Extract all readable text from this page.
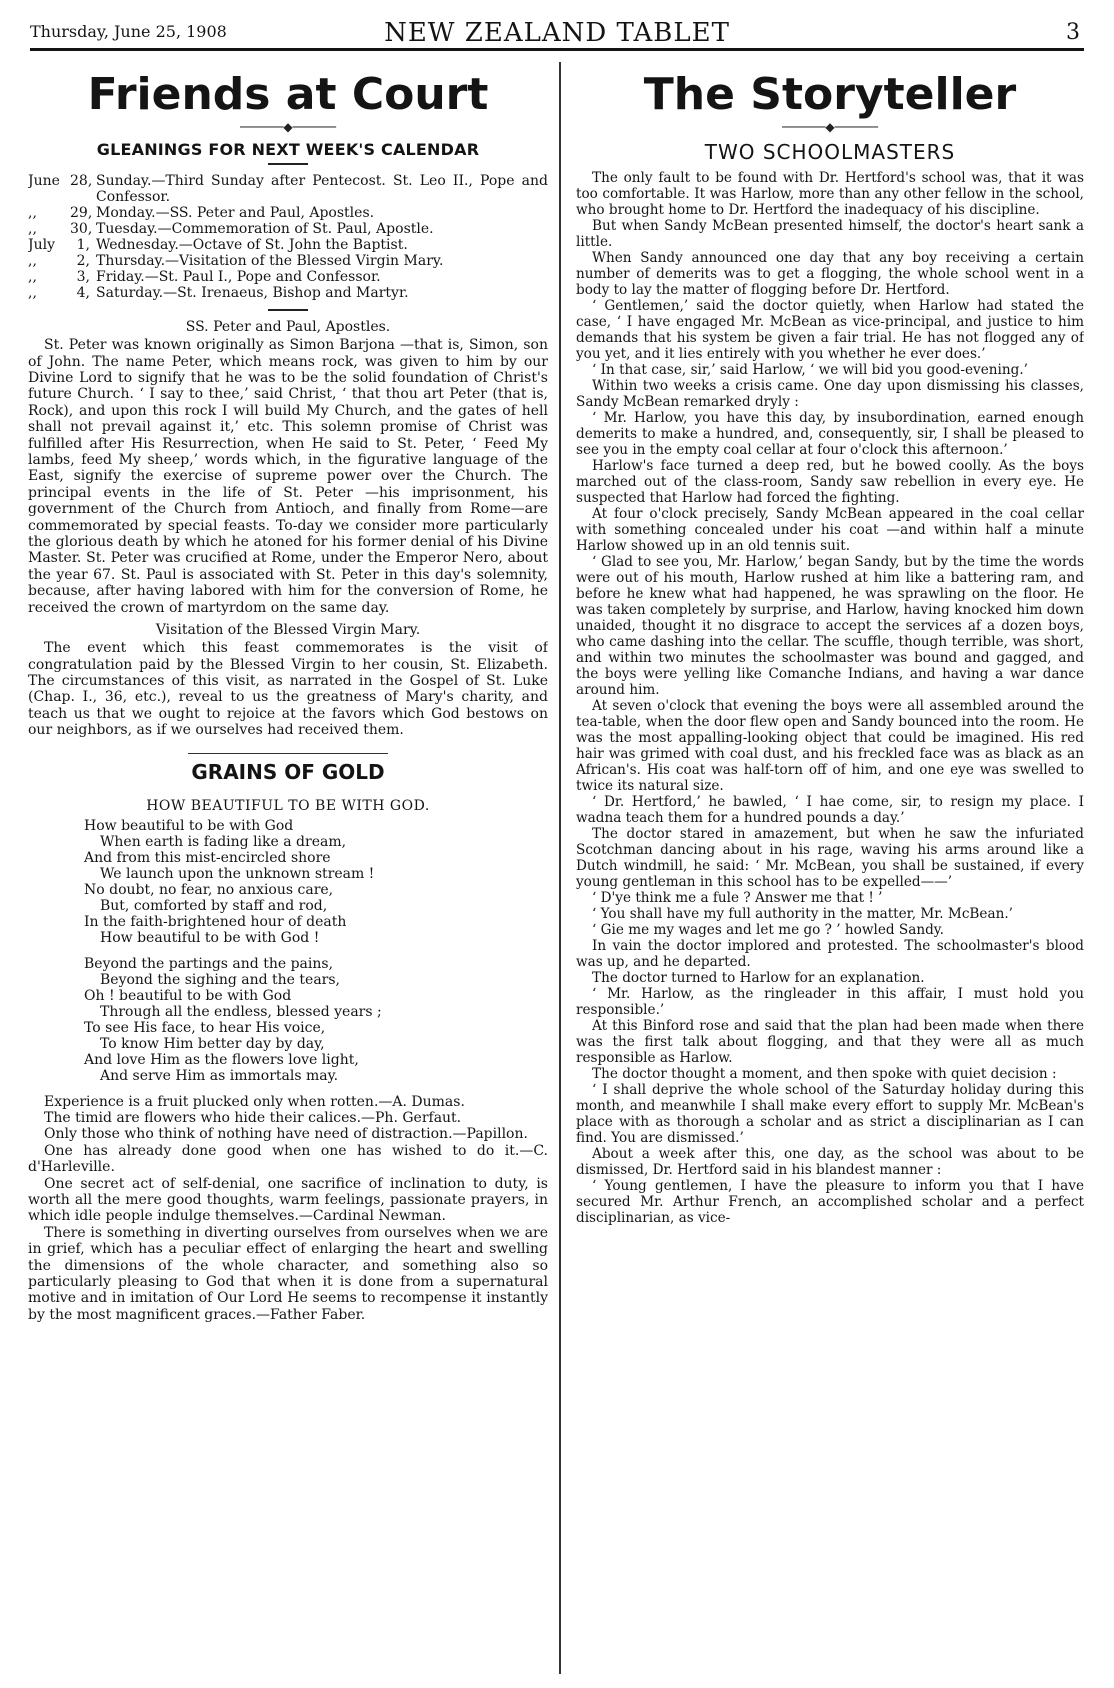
Thursday, June 25, 1908	NEW ZEALAND TABLET	3
Friends at Court
──────◆──────
GLEANINGS FOR NEXT WEEK'S CALENDAR
June 28, Sunday.—Third Sunday after Pentecost. St. Leo II., Pope and Confessor.
,,	29, Monday.—SS. Peter and Paul, Apostles.
,,	30, Tuesday.—Commemoration of St. Paul, Apostle.
July	1, Wednesday.—Octave of St. John the Baptist.
,,	2, Thursday.—Visitation of the Blessed Virgin Mary.
,,	3, Friday.—St. Paul I., Pope and Confessor.
,,	4, Saturday.—St. Irenaeus, Bishop and Martyr.
SS. Peter and Paul, Apostles.

St. Peter was known originally as Simon Barjona —that is, Simon, son of John. The name Peter, which means rock, was given to him by our Divine Lord to signify that he was to be the solid foundation of Christ's future Church. ‘ I say to thee,’ said Christ, ‘ that thou art Peter (that is, Rock), and upon this rock I will build My Church, and the gates of hell shall not prevail against it,’ etc. This solemn promise of Christ was fulfilled after His Resurrection, when He said to St. Peter, ‘ Feed My lambs, feed My sheep,’ words which, in the figurative language of the East, signify the exercise of supreme power over the Church. The principal events in the life of St. Peter —his imprisonment, his government of the Church from Antioch, and finally from Rome—are commemorated by special feasts. To-day we consider more particularly the glorious death by which he atoned for his former denial of his Divine Master. St. Peter was crucified at Rome, under the Emperor Nero, about the year 67. St. Paul is associated with St. Peter in this day's solemnity, because, after having labored with him for the conversion of Rome, he received the crown of martyrdom on the same day.

Visitation of the Blessed Virgin Mary.

The event which this feast commemorates is the visit of congratulation paid by the Blessed Virgin to her cousin, St. Elizabeth. The circumstances of this visit, as narrated in the Gospel of St. Luke (Chap. I., 36, etc.), reveal to us the greatness of Mary's charity, and teach us that we ought to rejoice at the favors which God bestows on our neighbors, as if we ourselves had received them.

GRAINS OF GOLD
HOW BEAUTIFUL TO BE WITH GOD.
How beautiful to be with God
When earth is fading like a dream,
And from this mist-encircled shore
We launch upon the unknown stream !
No doubt, no fear, no anxious care,
But, comforted by staff and rod,
In the faith-brightened hour of death
How beautiful to be with God !
Beyond the partings and the pains,
Beyond the sighing and the tears,
Oh ! beautiful to be with God
Through all the endless, blessed years ;
To see His face, to hear His voice,
To know Him better day by day,
And love Him as the flowers love light,
And serve Him as immortals may.

Experience is a fruit plucked only when rotten.—A. Dumas.

The timid are flowers who hide their calices.—Ph. Gerfaut.

Only those who think of nothing have need of distraction.—Papillon.

One has already done good when one has wished to do it.—C. d'Harleville.

One secret act of self-denial, one sacrifice of inclination to duty, is worth all the mere good thoughts, warm feelings, passionate prayers, in which idle people indulge themselves.—Cardinal Newman.

There is something in diverting ourselves from ourselves when we are in grief, which has a peculiar effect of enlarging the heart and swelling the dimensions of the whole character, and something also so particularly pleasing to God that when it is done from a supernatural motive and in imitation of Our Lord He seems to recompense it instantly by the most magnificent graces.—Father Faber.

The Storyteller
──────◆──────
TWO SCHOOLMASTERS

The only fault to be found with Dr. Hertford's school was, that it was too comfortable. It was Harlow, more than any other fellow in the school, who brought home to Dr. Hertford the inadequacy of his discipline.

But when Sandy McBean presented himself, the doctor's heart sank a little.

When Sandy announced one day that any boy receiving a certain number of demerits was to get a flogging, the whole school went in a body to lay the matter of flogging before Dr. Hertford.

‘ Gentlemen,’ said the doctor quietly, when Harlow had stated the case, ‘ I have engaged Mr. McBean as vice-principal, and justice to him demands that his system be given a fair trial. He has not flogged any of you yet, and it lies entirely with you whether he ever does.’

‘ In that case, sir,’ said Harlow, ‘ we will bid you good-evening.’

Within two weeks a crisis came. One day upon dismissing his classes, Sandy McBean remarked dryly :

‘ Mr. Harlow, you have this day, by insubordination, earned enough demerits to make a hundred, and, consequently, sir, I shall be pleased to see you in the empty coal cellar at four o'clock this afternoon.’

Harlow's face turned a deep red, but he bowed coolly. As the boys marched out of the class-room, Sandy saw rebellion in every eye. He suspected that Harlow had forced the fighting.

At four o'clock precisely, Sandy McBean appeared in the coal cellar with something concealed under his coat —and within half a minute Harlow showed up in an old tennis suit.

‘ Glad to see you, Mr. Harlow,’ began Sandy, but by the time the words were out of his mouth, Harlow rushed at him like a battering ram, and before he knew what had happened, he was sprawling on the floor. He was taken completely by surprise, and Harlow, having knocked him down unaided, thought it no disgrace to accept the services af a dozen boys, who came dashing into the cellar. The scuffle, though terrible, was short, and within two minutes the schoolmaster was bound and gagged, and the boys were yelling like Comanche Indians, and having a war dance around him.

At seven o'clock that evening the boys were all assembled around the tea-table, when the door flew open and Sandy bounced into the room. He was the most appalling-looking object that could be imagined. His red hair was grimed with coal dust, and his freckled face was as black as an African's. His coat was half-torn off of him, and one eye was swelled to twice its natural size.

‘ Dr. Hertford,’ he bawled, ‘ I hae come, sir, to resign my place. I wadna teach them for a hundred pounds a day.’

The doctor stared in amazement, but when he saw the infuriated Scotchman dancing about in his rage, waving his arms around like a Dutch windmill, he said: ‘ Mr. McBean, you shall be sustained, if every young gentleman in this school has to be expelled——’

‘ D'ye think me a fule ? Answer me that ! ’

‘ You shall have my full authority in the matter, Mr. McBean.’

‘ Gie me my wages and let me go ? ’ howled Sandy.

In vain the doctor implored and protested. The schoolmaster's blood was up, and he departed.

The doctor turned to Harlow for an explanation.

‘ Mr. Harlow, as the ringleader in this affair, I must hold you responsible.’

At this Binford rose and said that the plan had been made when there was the first talk about flogging, and that they were all as much responsible as Harlow.

The doctor thought a moment, and then spoke with quiet decision :

‘ I shall deprive the whole school of the Saturday holiday during this month, and meanwhile I shall make every effort to supply Mr. McBean's place with as thorough a scholar and as strict a disciplinarian as I can find. You are dismissed.’

About a week after this, one day, as the school was about to be dismissed, Dr. Hertford said in his blandest manner :

‘ Young gentlemen, I have the pleasure to inform you that I have secured Mr. Arthur French, an accomplished scholar and a perfect disciplinarian, as vice-
